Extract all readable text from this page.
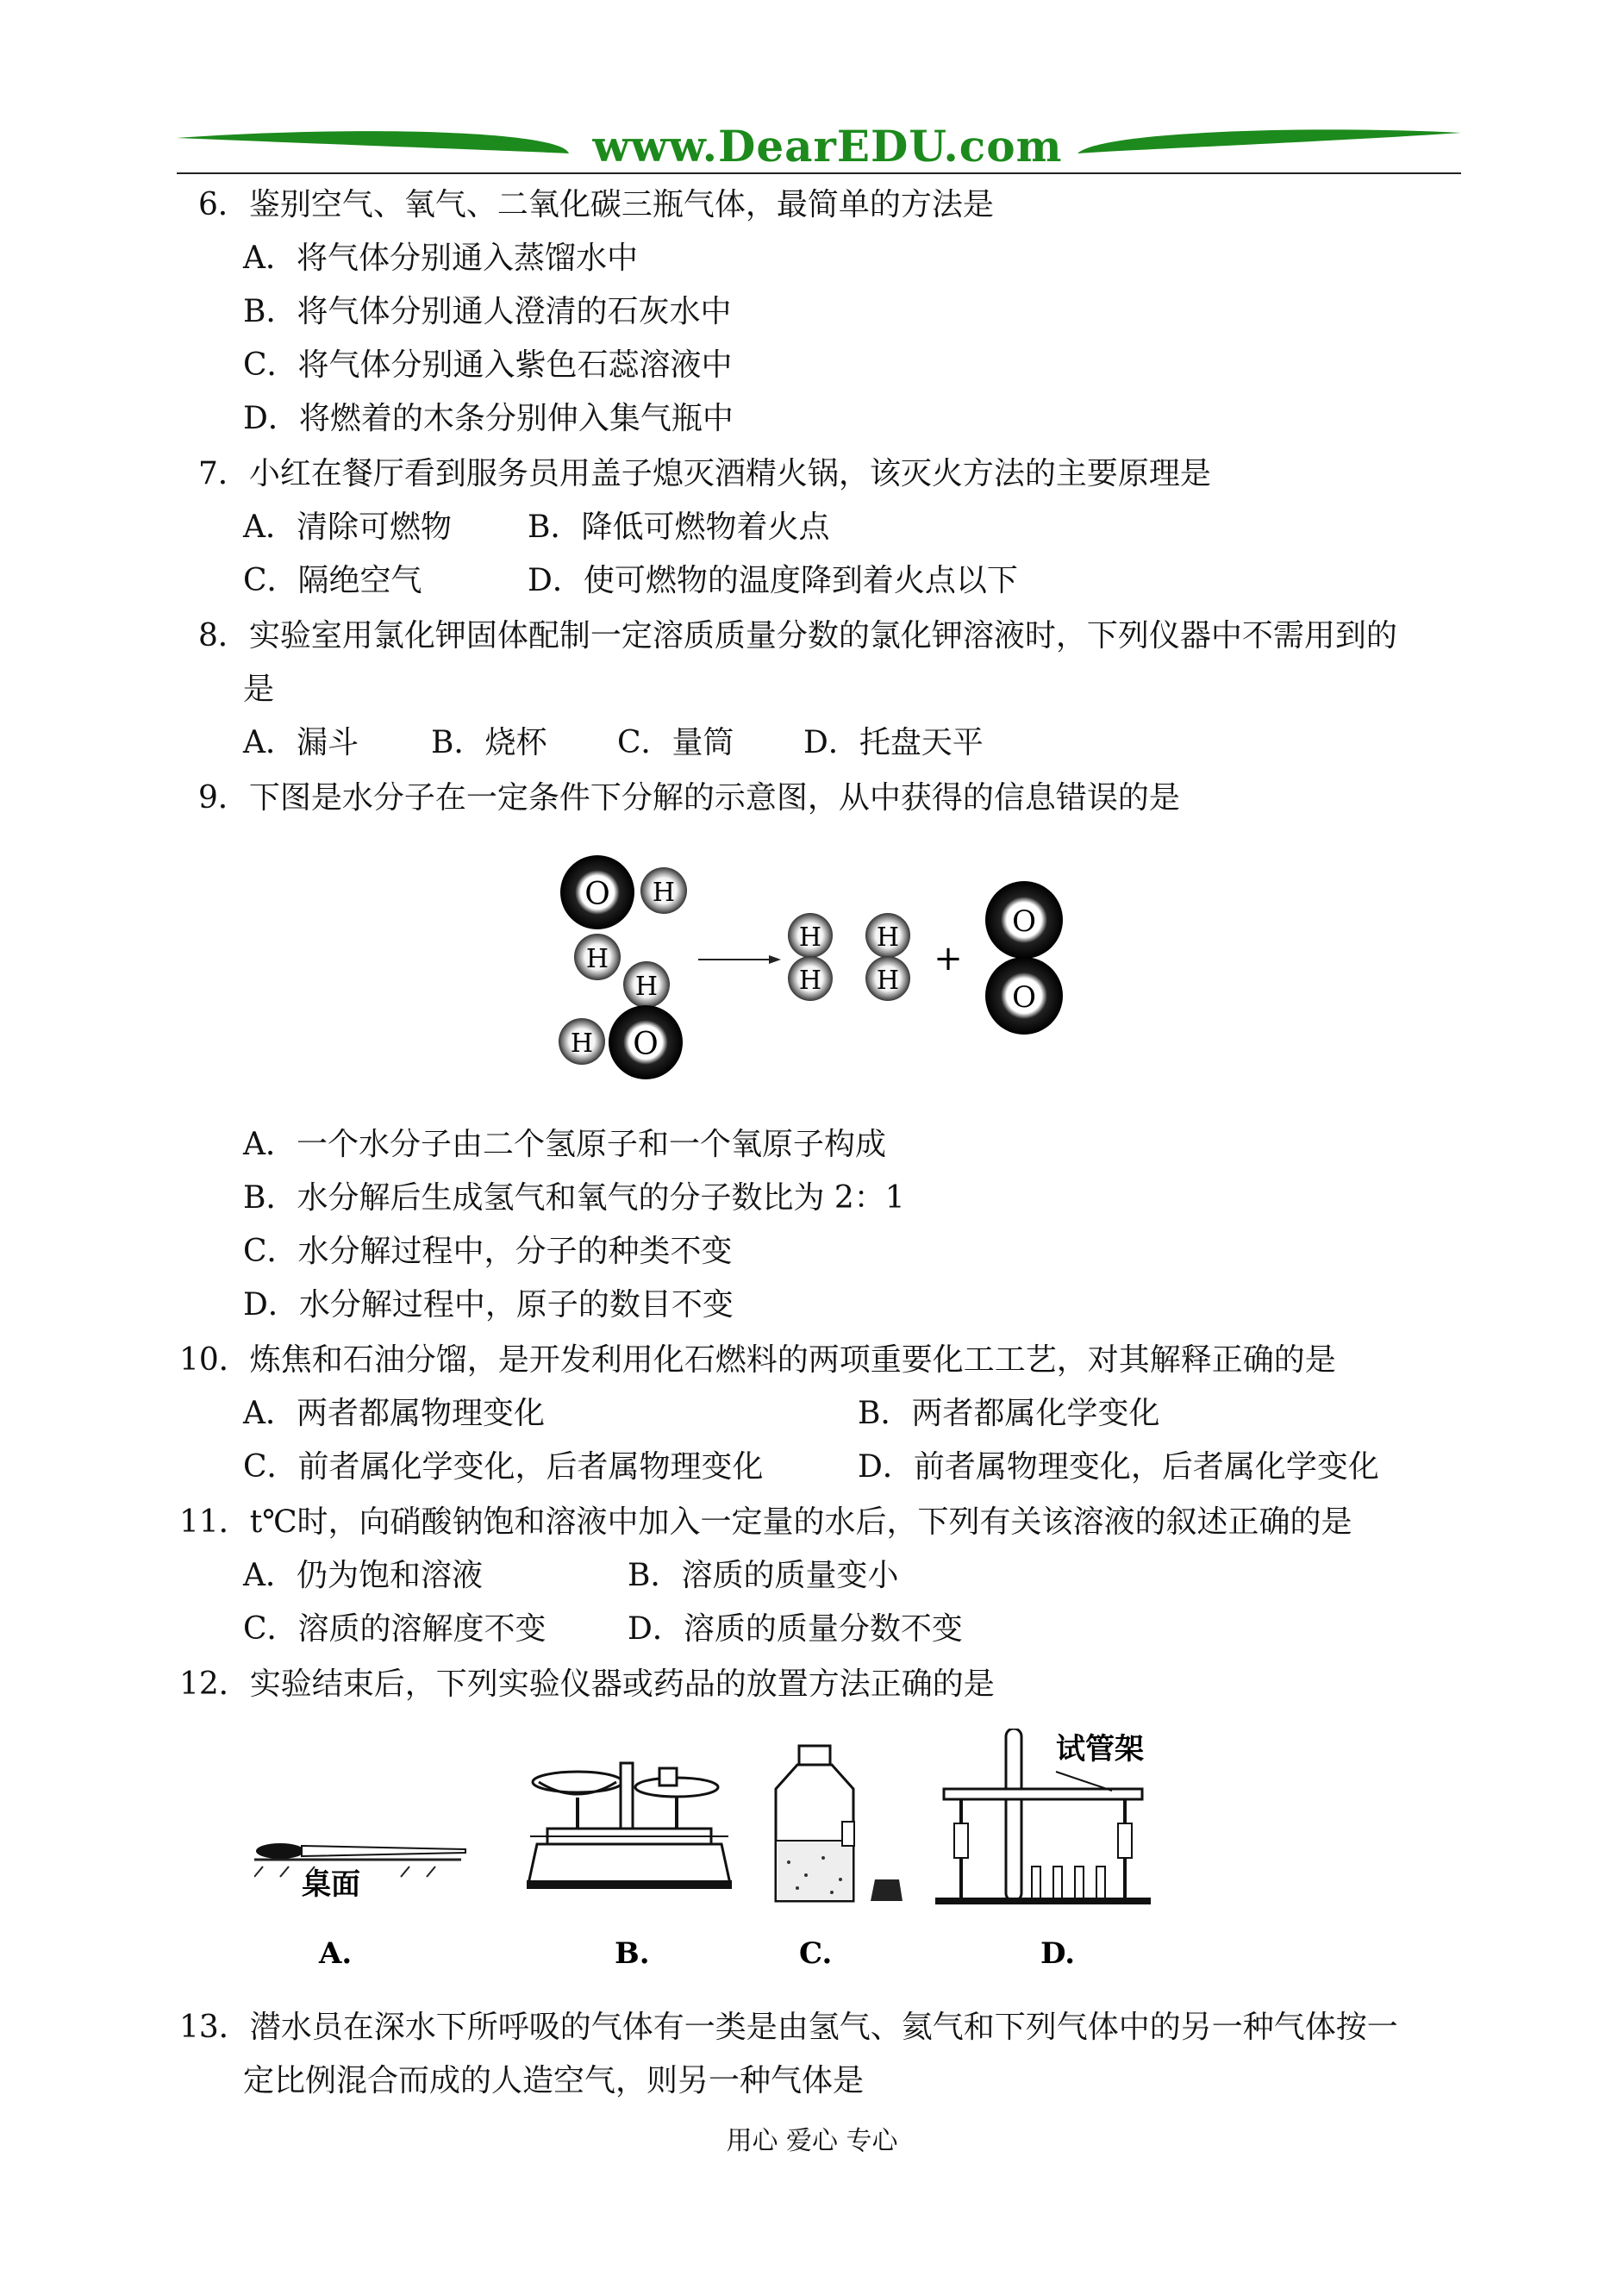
www.DearEDU.com
6．鉴别空气、氧气、二氧化碳三瓶气体，最简单的方法是
A．将气体分别通入蒸馏水中
B．将气体分别通人澄清的石灰水中
C．将气体分别通入紫色石蕊溶液中
D．将燃着的木条分别伸入集气瓶中
7．小红在餐厅看到服务员用盖子熄灭酒精火锅，该灭火方法的主要原理是
A．清除可燃物 B．降低可燃物着火点
C．隔绝空气	D．使可燃物的温度降到着火点以下
8．实验室用氯化钾固体配制一定溶质质量分数的氯化钾溶液时，下列仪器中不需用到的
是
A．漏斗 B．烧杯 C．量筒 D．托盘天平
9．下图是水分子在一定条件下分解的示意图，从中获得的信息错误的是
O H
H
H
H O
H
H
H
H
+
O
O
A．一个水分子由二个氢原子和一个氧原子构成
B．水分解后生成氢气和氧气的分子数比为 2：1
C．水分解过程中，分子的种类不变
D．水分解过程中，原子的数目不变
10．炼焦和石油分馏，是开发利用化石燃料的两项重要化工工艺，对其解释正确的是
A．两者都属物理变化	B．两者都属化学变化
C．前者属化学变化，后者属物理变化	D．前者属物理变化，后者属化学变化
11．t℃时，向硝酸钠饱和溶液中加入一定量的水后，下列有关该溶液的叙述正确的是
A．仍为饱和溶液	B．溶质的质量变小
C．溶质的溶解度不变	D．溶质的质量分数不变
12．实验结束后，下列实验仪器或药品的放置方法正确的是
桌面
试管架
A.	B.	C.	D.
13．潜水员在深水下所呼吸的气体有一类是由氢气、氦气和下列气体中的另一种气体按一
定比例混合而成的人造空气，则另一种气体是
用心 爱心 专心
